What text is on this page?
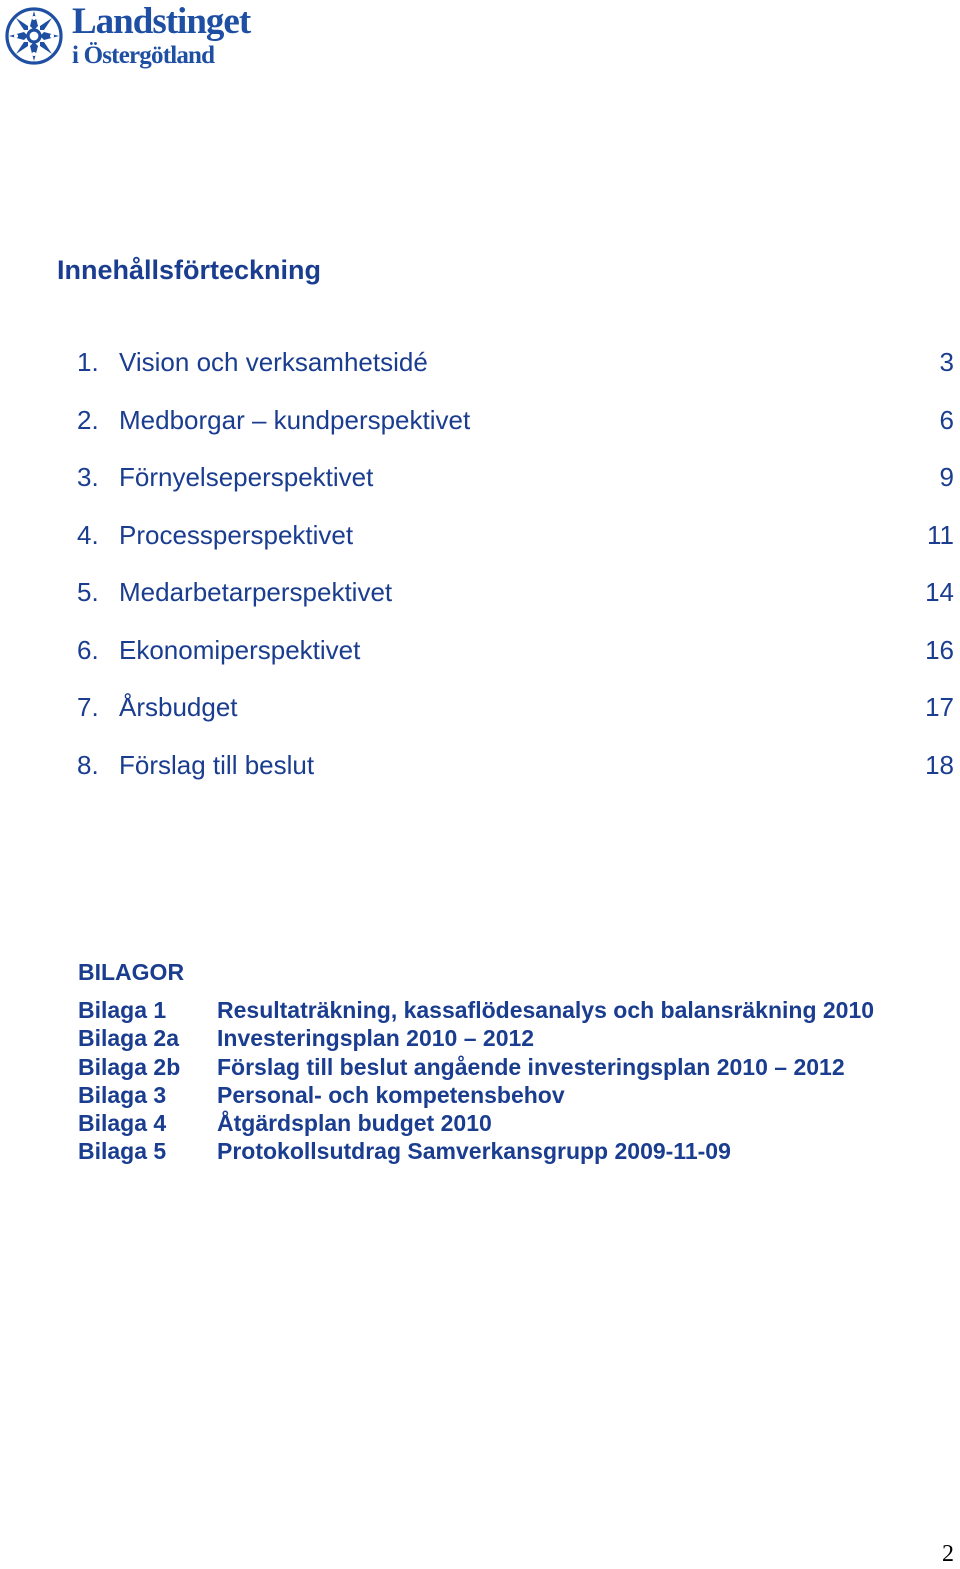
Landstinget
i Östergötland
Innehållsförteckning
1. Vision och verksamhetsidé	3
2. Medborgar – kundperspektivet	6
3. Förnyelseperspektivet	9
4. Processperspektivet	11
5. Medarbetarperspektivet	14
6. Ekonomiperspektivet	16
7. Årsbudget	17
8. Förslag till beslut	18
BILAGOR
Bilaga 1 Resultaträkning, kassaflödesanalys och balansräkning 2010
Bilaga 2a Investeringsplan 2010 – 2012
Bilaga 2b Förslag till beslut angående investeringsplan 2010 – 2012
Bilaga 3 Personal- och kompetensbehov
Bilaga 4 Åtgärdsplan budget 2010
Bilaga 5 Protokollsutdrag Samverkansgrupp 2009-11-09
2
